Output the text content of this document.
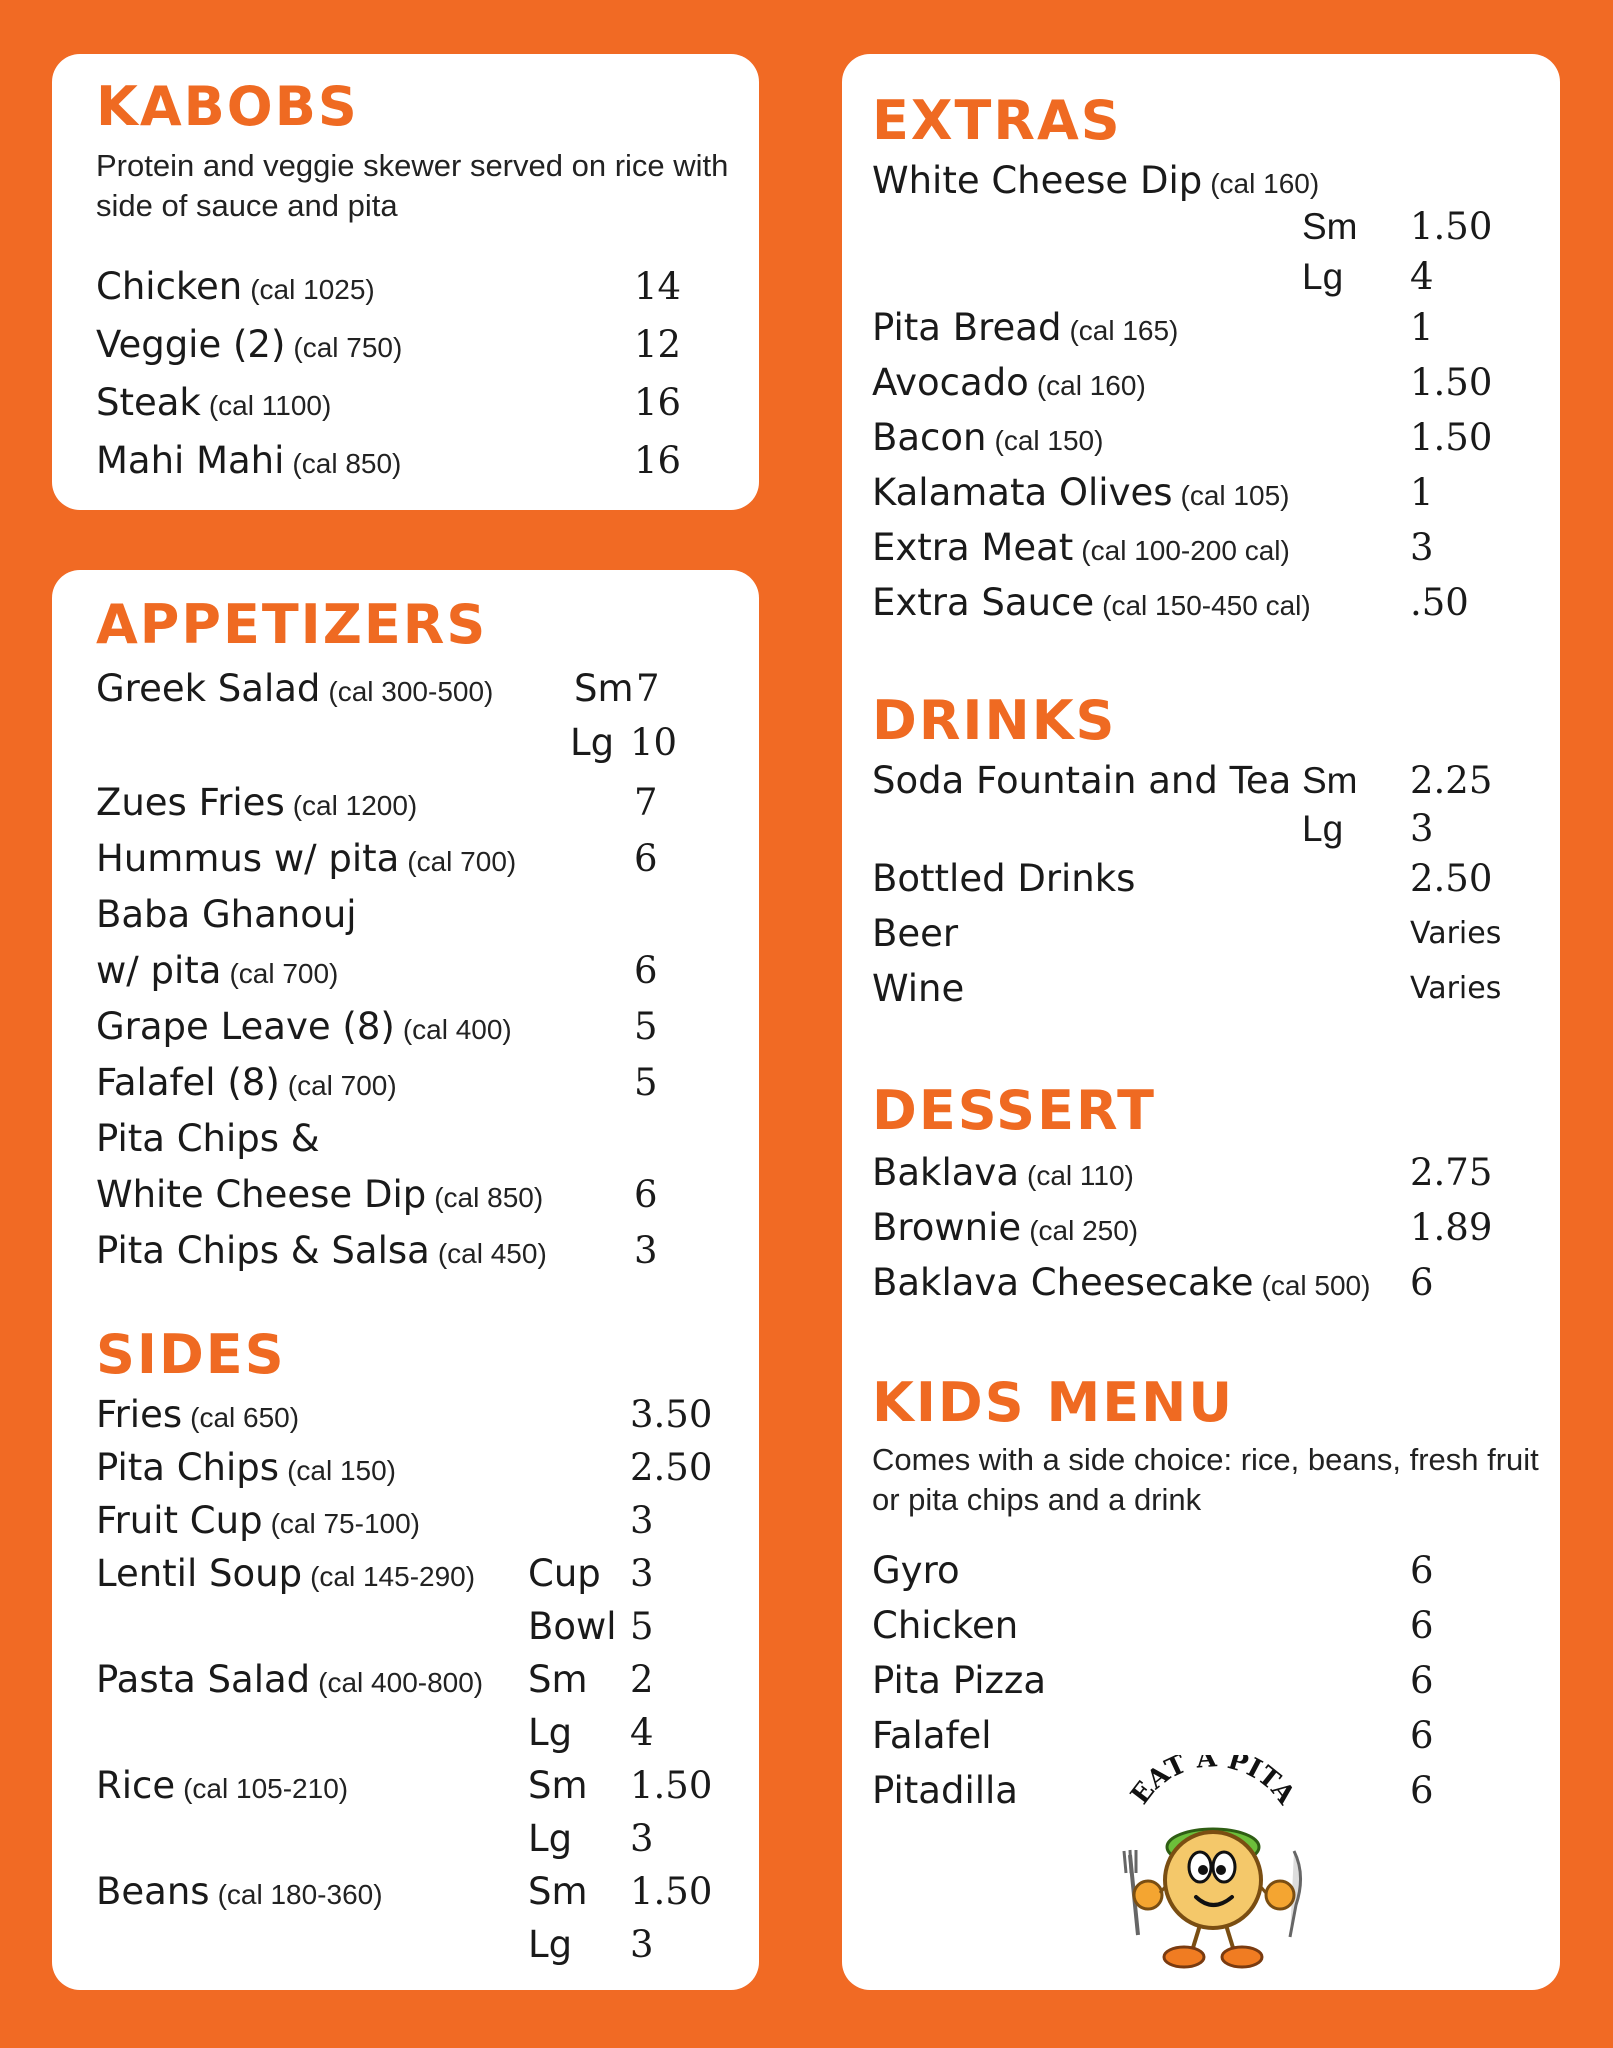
KABOBS
Protein and veggie skewer served on rice with
side of sauce and pita
Chicken (cal 1025)	14
Veggie (2) (cal 750)	12
Steak (cal 1100)	16
Mahi Mahi (cal 850)	16
APPETIZERS
Greek Salad (cal 300-500) Sm 7
Lg 10
Zues Fries (cal 1200)	7
Hummus w/ pita (cal 700)	6
Baba Ghanouj
w/ pita (cal 700)	6
Grape Leave (8) (cal 400)	5
Falafel (8) (cal 700)	5
Pita Chips &
White Cheese Dip (cal 850) 6
Pita Chips & Salsa (cal 450) 3
SIDES
Fries (cal 650)	3.50
Pita Chips (cal 150)	2.50
Fruit Cup (cal 75-100)	3
Lentil Soup (cal 145-290) Cup 3
Bowl 5
Pasta Salad (cal 400-800) Sm 2
Lg 4
Rice (cal 105-210)	Sm 1.50
Lg 3
Beans (cal 180-360)	Sm 1.50
Lg 3
EXTRAS
White Cheese Dip (cal 160)
Sm 1.50
Lg 4
Pita Bread (cal 165)	1
Avocado (cal 160)	1.50
Bacon (cal 150)	1.50
Kalamata Olives (cal 105)	1
Extra Meat (cal 100-200 cal)	3
Extra Sauce (cal 150-450 cal)	.50
DRINKS
Soda Fountain and Tea Sm 2.25
Lg 3
Bottled Drinks	2.50
Beer	Varies
Wine	Varies
DESSERT
Baklava (cal 110)	2.75
Brownie (cal 250)	1.89
Baklava Cheesecake (cal 500) 6
KIDS MENU
Comes with a side choice: rice, beans, fresh fruit
or pita chips and a drink
Gyro	6
Chicken	6
Pita Pizza	6
Falafel	6
Pitadilla	6
EAT A PITA
